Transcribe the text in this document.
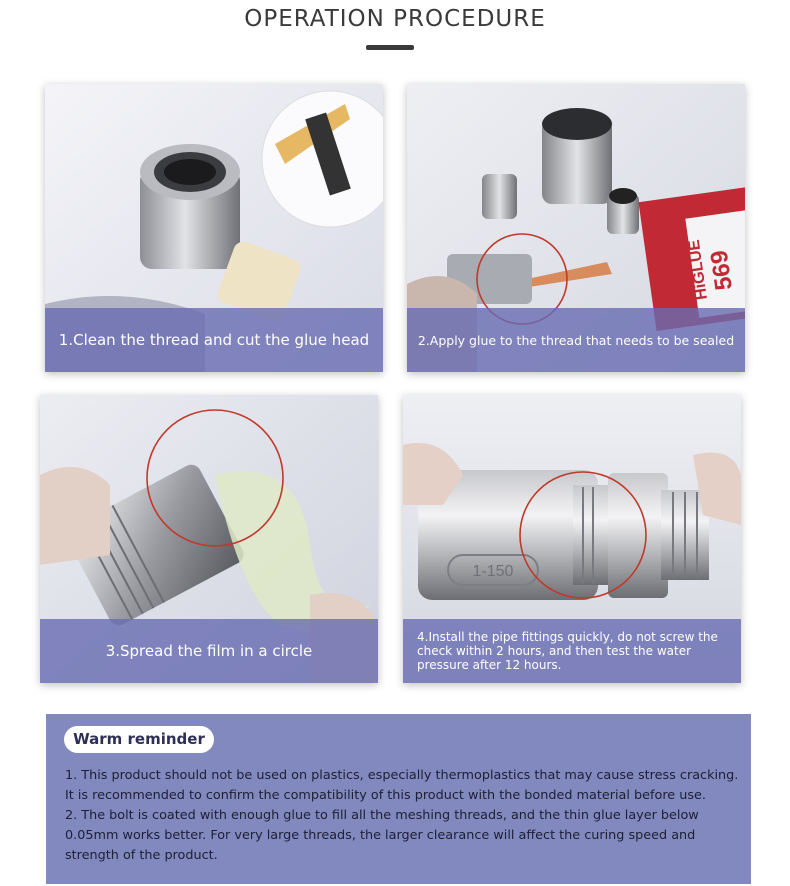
OPERATION PROCEDURE
1.Clean the thread and cut the glue head
HiGLUE
569
2.Apply glue to the thread that needs to be sealed
3.Spread the film in a circle
1-150
4.Install the pipe fittings quickly, do not screw the check within 2 hours, and then test the water pressure after 12 hours.
Warm reminder
1. This product should not be used on plastics, especially thermoplastics that may cause stress cracking.
It is recommended to confirm the compatibility of this product with the bonded material before use.
2. The bolt is coated with enough glue to fill all the meshing threads, and the thin glue layer below
0.05mm works better. For very large threads, the larger clearance will affect the curing speed and
strength of the product.
